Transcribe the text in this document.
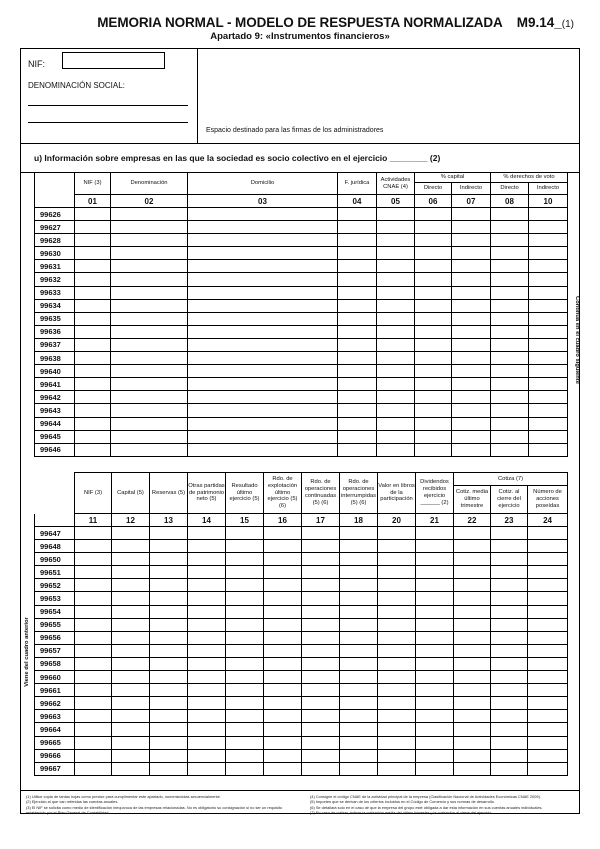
MEMORIA NORMAL - MODELO DE RESPUESTA NORMALIZADA
Apartado 9: «Instrumentos financieros»
M9.14_(1)
NIF:
DENOMINACIÓN SOCIAL:
Espacio destinado para las firmas de los administradores
u) Información sobre empresas en las que la sociedad es socio colectivo en el ejercicio ________ (2)
	NIF (3)	Denominación	Domicilio	F. jurídica	Actividades CNAE (4)	% capital		% derechos de voto	
						Directo	Indirecto	Directo	Indirecto
	01	02	03	04	05	06	07	08	10
99626									
99627									
99628									
99630									
99631									
99632									
99633									
99634									
99635									
99636									
99637									
99638									
99640									
99641									
99642									
99643									
99644									
99645									
99646									
Continúa en el cuadro siguiente
	NIF (3)	Capital (5)	Reservas (5)	Otras partidas de patrimonio neto (5)	Resultado último ejercicio (5)	Rdo. de explotación último ejercicio (5) (6)	Rdo. de operaciones continuadas (5) (6)	Rdo. de operaciones interrumpidas (5) (6)	Valor en libros de la participación	Dividendos recibidos ejercicio ______ (2)	Cotiza (7)		
											Cotiz. media último trimestre	Cotiz. al cierre del ejercicio	Número de acciones poseídas
	11	12	13	14	15	16	17	18	20	21	22	23	24
99647													
99648													
99650													
99651													
99652													
99653													
99654													
99655													
99656													
99657													
99658													
99660													
99661													
99662													
99663													
99664													
99665													
99666													
99667													
Viene del cuadro anterior
(1) Utilice copia de tantas hojas como precise para cumplimentar este apartado, numerándolas secuencialmente.
(2) Ejercicio al que van referidas las cuentas anuales.
(3) El NIF se solicita como medio de identificación inequívoca de las empresas relacionadas. No es obligatorio su consignación si no ser un requisito
establecido por el Plan General de Contabilidad.
(4) Consigne el código CNAE de la actividad principal de la empresa (Clasificación Nacional de Actividades Económicas CNAE 2009).
(5) Importes que se derivan de los criterios incluidos en el Código de Comercio y sus normas de desarrollo.
(6) Se detallará solo en el caso de que la empresa del grupo esté obligada a dar esta información en sus cuentas anuales individuales.
(7) En caso de cotizar, indicar la cotización media del último trimestre y la cotización al cierre del ejercicio.
